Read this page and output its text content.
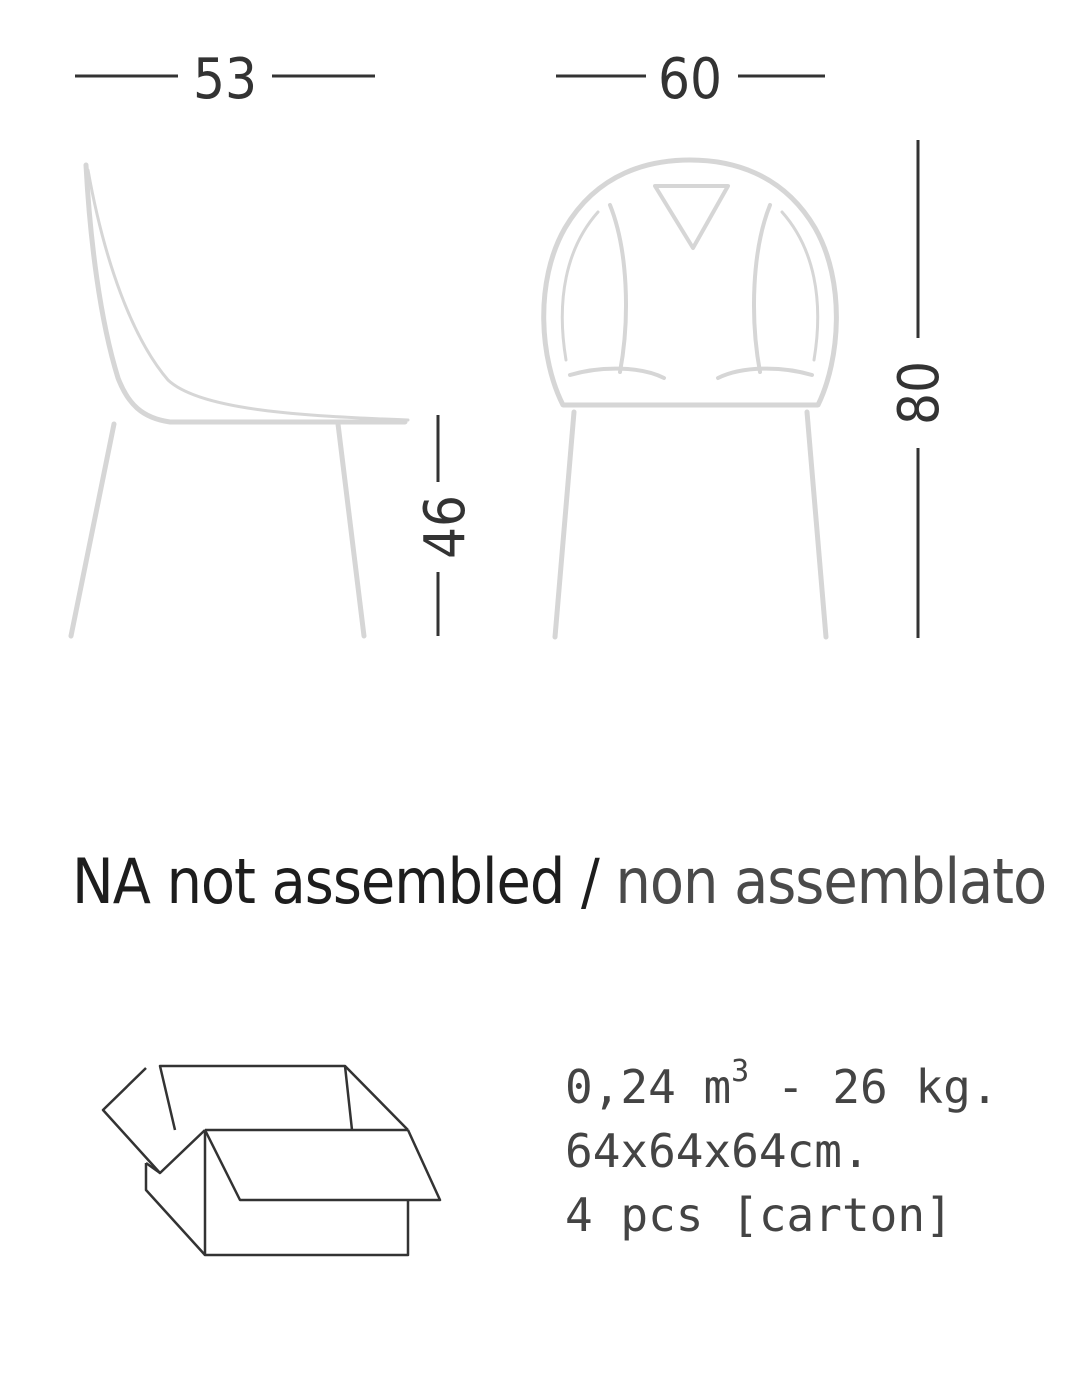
53	60
80
46
NA not assembled / non assemblato
0,24 $m^3 - 26$ kg.
64x64x64cm.
4 pcs [carton]
